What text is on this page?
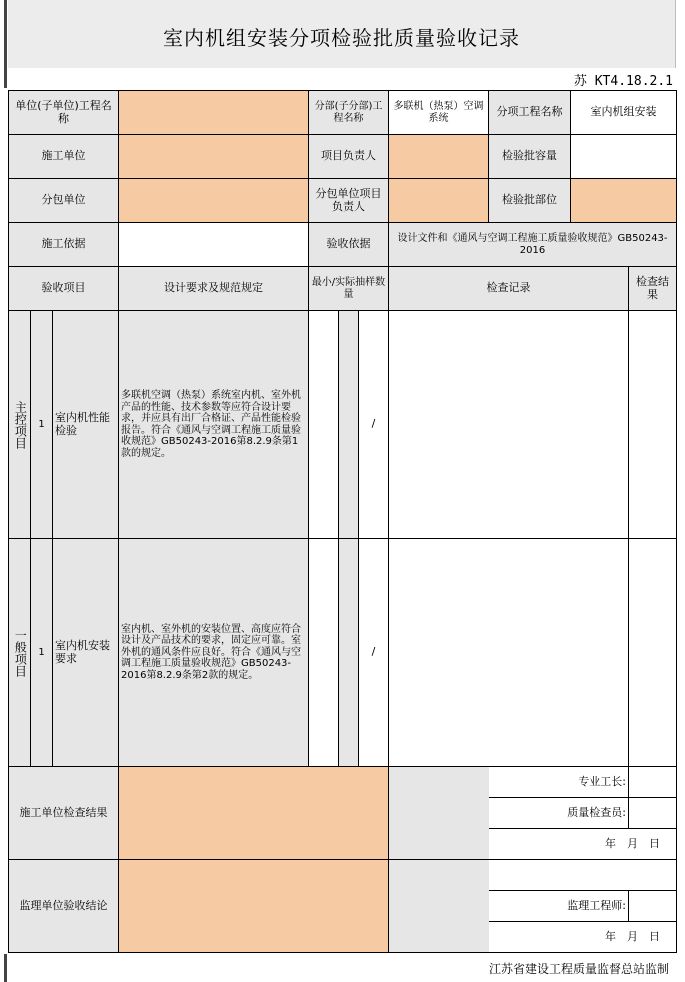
室内机组安装分项检验批质量验收记录
苏 KT4.18.2.1
单位(子单位)工程名称				分部(子分部)工程名称			多联机（热泵）空调系统	分项工程名称	室内机组安装	
施工单位				项目负责人				检验批容量		
分包单位				分包单位项目负责人				检验批部位		
施工依据				验收依据			设计文件和《通风与空调工程施工质量验收规范》GB50243-2016			
验收项目			设计要求及规范规定	最小/实际抽样数量			检查记录			检查结果
主控项目	1	室内机性能检验	多联机空调（热泵）系统室内机、室外机产品的性能、技术参数等应符合设计要求，并应具有出厂合格证、产品性能检验报告。符合《通风与空调工程施工质量验收规范》GB50243-2016第8.2.9条第1款的规定。			/				
一般项目	1	室内机安装要求	室内机、室外机的安装位置、高度应符合设计及产品技术的要求，固定应可靠。室外机的通风条件应良好。符合《通风与空调工程施工质量验收规范》GB50243-2016第8.2.9条第2款的规定。			/				
施工单位检查结果								专业工长:		
								质量检查员:		
								年　月　日		
监理单位验收结论										
								监理工程师:		
								年　月　日		
江苏省建设工程质量监督总站监制
